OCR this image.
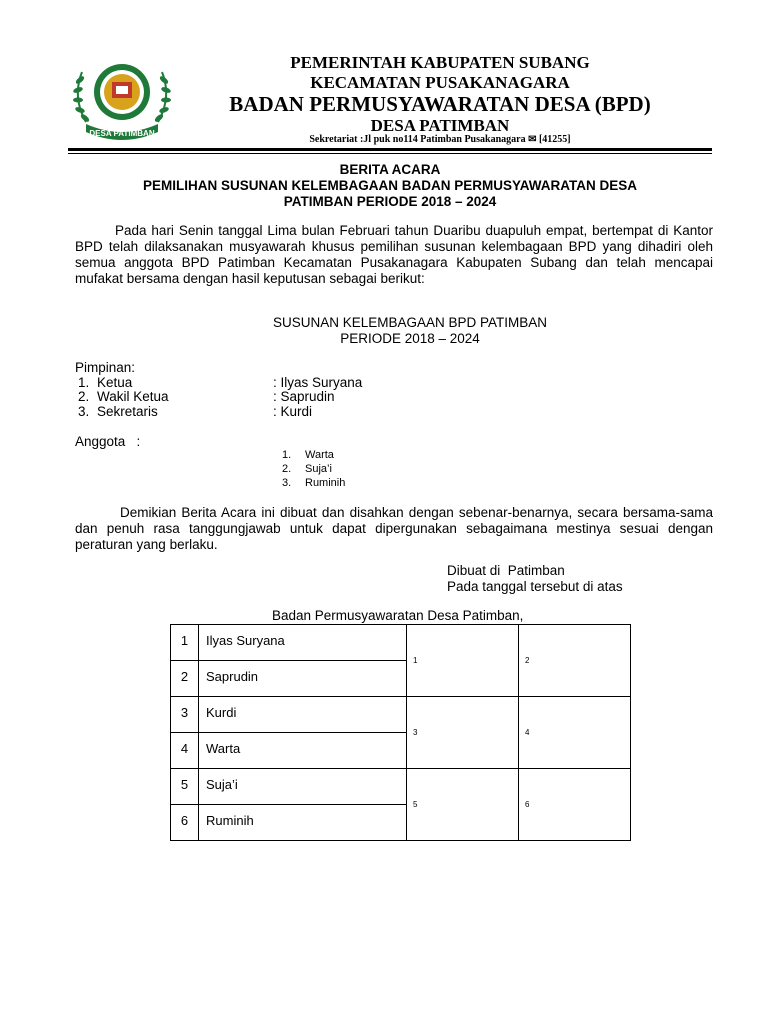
DESA PATIMBAN
PEMERINTAH KABUPATEN SUBANG
KECAMATAN PUSAKANAGARA
BADAN PERMUSYAWARATAN DESA (BPD)
DESA PATIMBAN
Sekretariat :Jl puk no114 Patimban Pusakanagara ✉ [41255]
BERITA ACARA
PEMILIHAN SUSUNAN KELEMBAGAAN BADAN PERMUSYAWARATAN DESA
PATIMBAN PERIODE 2018 – 2024
Pada hari Senin tanggal Lima bulan Februari tahun Duaribu duapuluh empat, bertempat di Kantor BPD telah dilaksanakan musyawarah khusus pemilihan susunan kelembagaan BPD yang dihadiri oleh semua anggota BPD Patimban Kecamatan Pusakanagara Kabupaten Subang dan telah mencapai mufakat bersama dengan hasil keputusan sebagai berikut:
SUSUNAN KELEMBAGAAN BPD PATIMBAN
PERIODE 2018 – 2024
Pimpinan:
1. Ketua	: Ilyas Suryana
2. Wakil Ketua	: Saprudin
3. Sekretaris	: Kurdi
Anggota   :
1. Warta
2. Suja’i
3. Ruminih
Demikian Berita Acara ini dibuat dan disahkan dengan sebenar-benarnya, secara bersama-sama dan penuh rasa tanggungjawab untuk dapat dipergunakan sebagaimana mestinya sesuai dengan peraturan yang berlaku.
Dibuat di  Patimban
Pada tanggal tersebut di atas
Badan Permusyawaratan Desa Patimban,
1	Ilyas Suryana	1	2
2	Saprudin		
3	Kurdi	3	4
4	Warta		
5	Suja’i	5	6
6	Ruminih		
